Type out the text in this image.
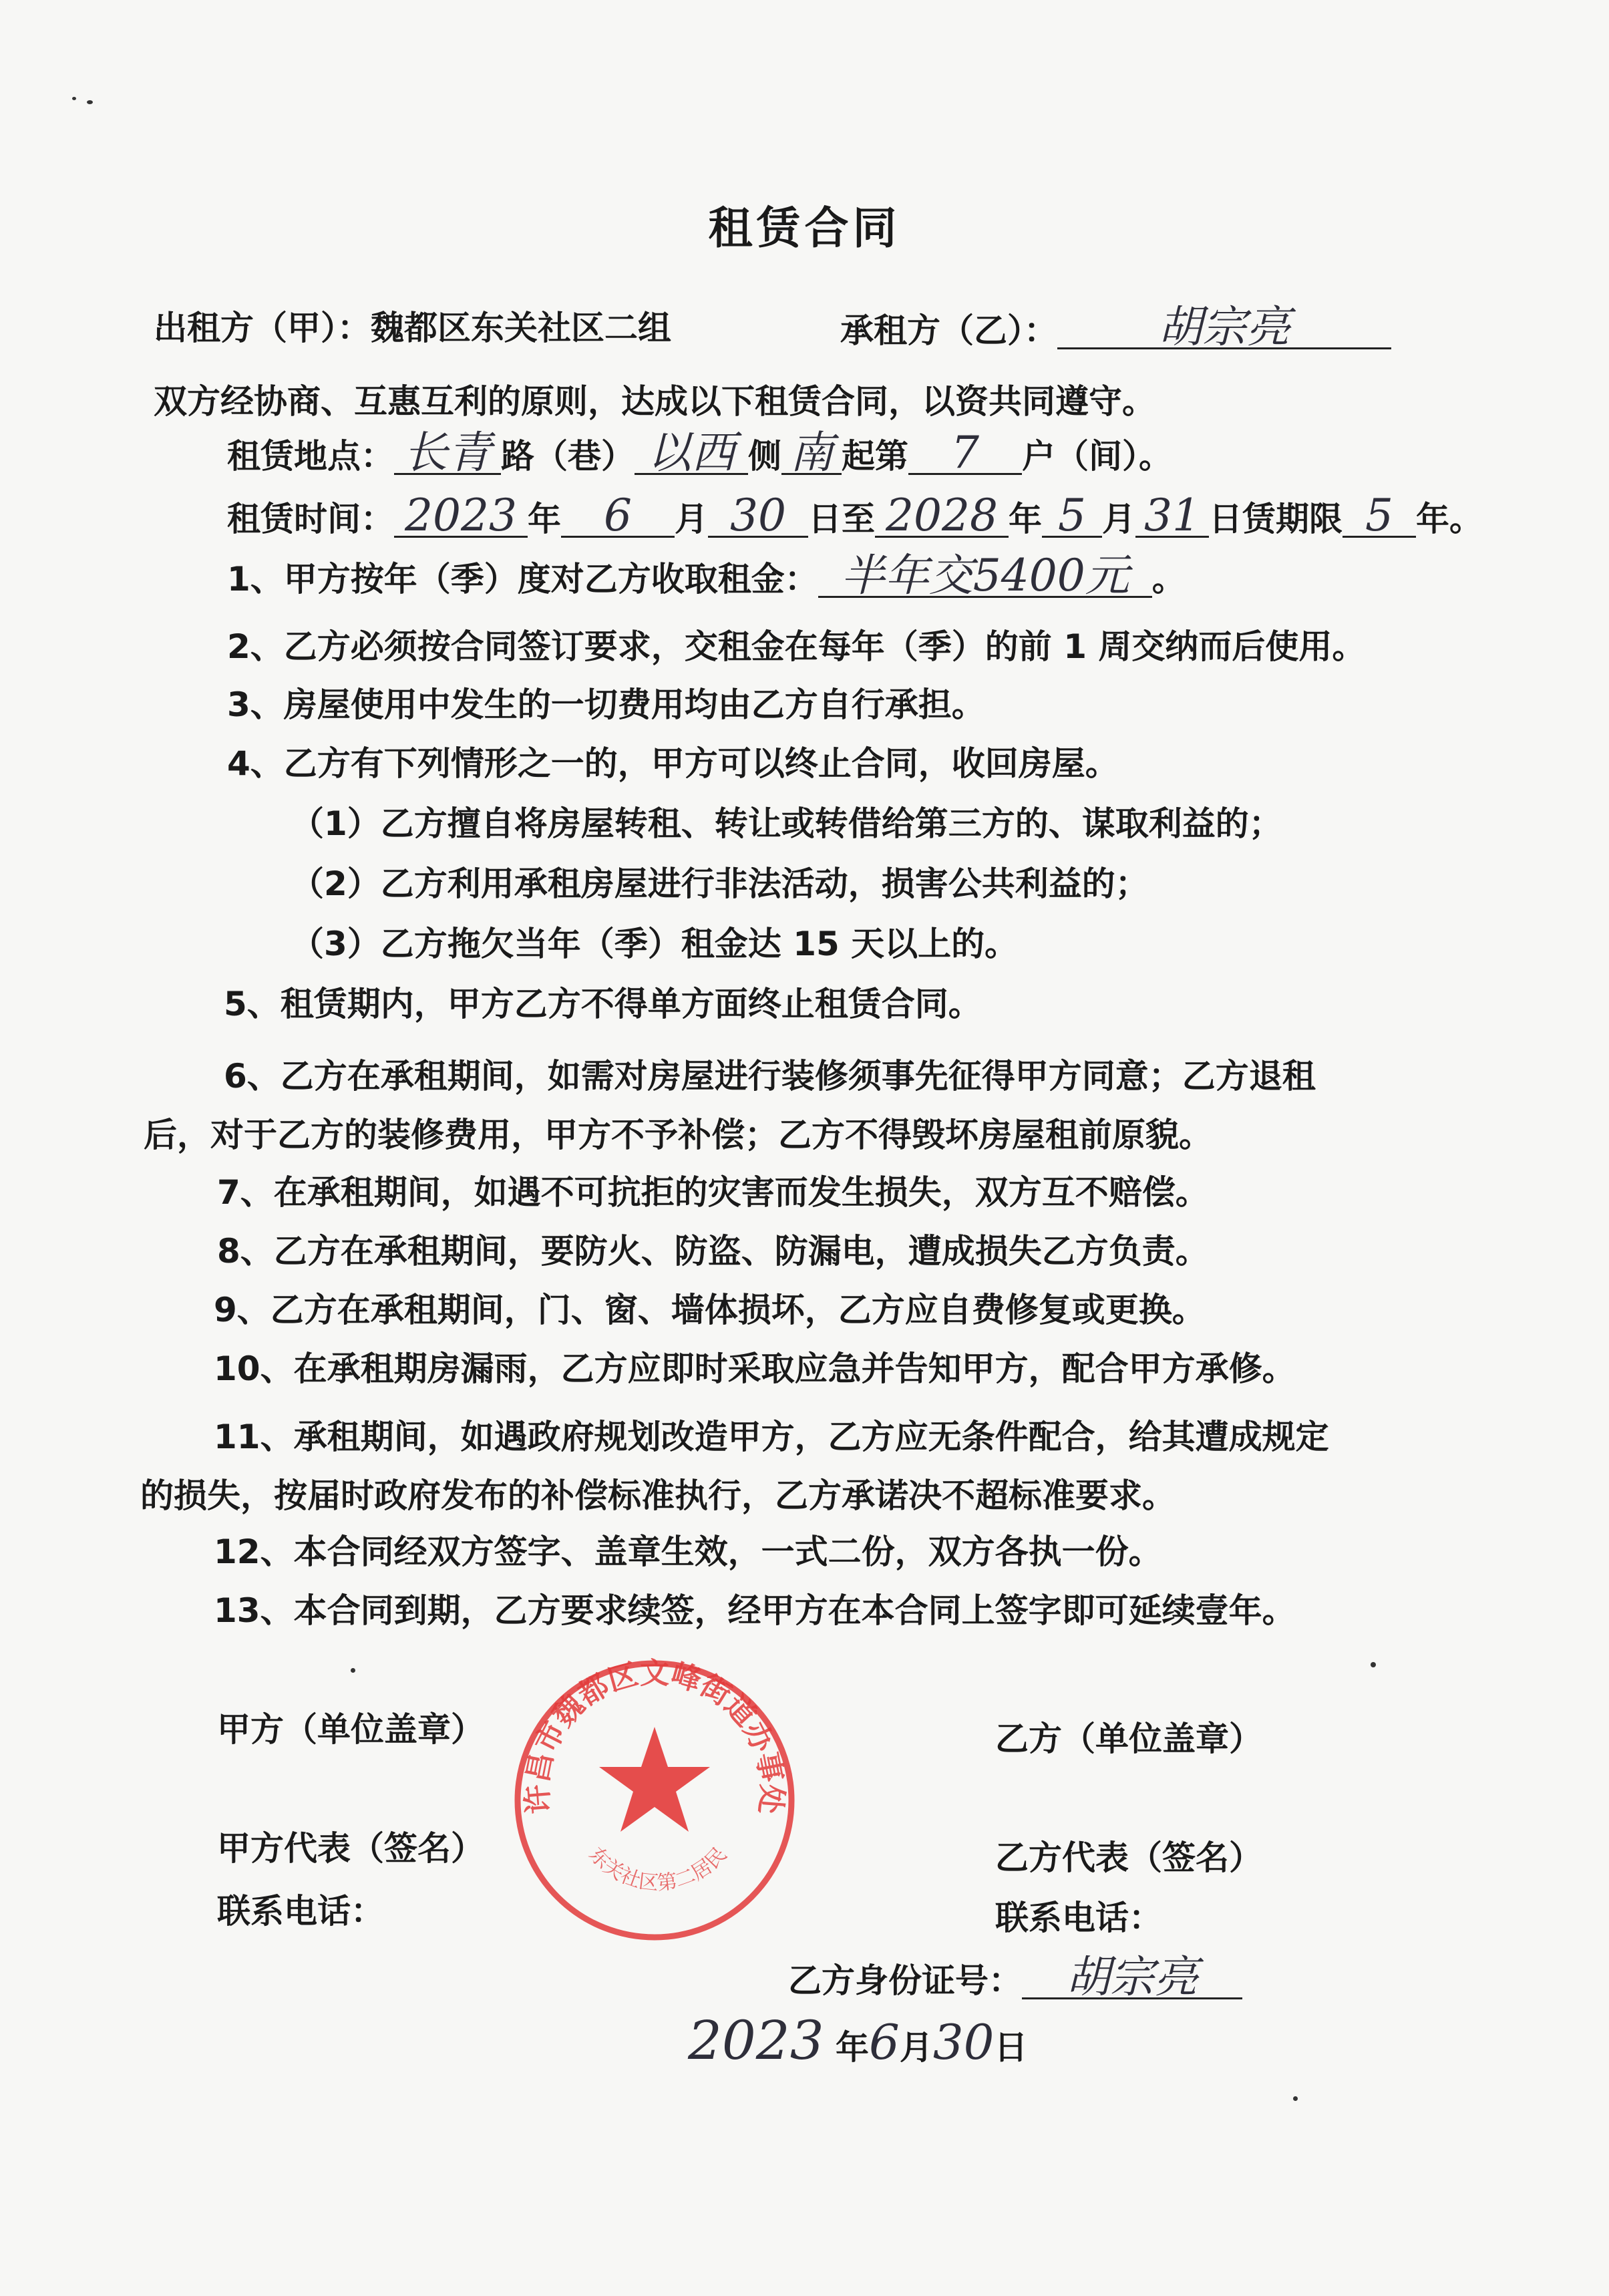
租赁合同
出租方（甲）：魏都区东关社区二组	承租方（乙）： 胡宗亮
双方经协商、互惠互利的原则，达成以下租赁合同，以资共同遵守。
租赁地点： 长青 路（巷） 以西 侧 南 起第 7 户（间）。
租赁时间： 2023 年 6 月 30 日至 2028 年 5 月 31 日赁期限 5 年。
1、甲方按年（季）度对乙方收取租金： 半年交5400元 。
2、乙方必须按合同签订要求，交租金在每年（季）的前 1 周交纳而后使用。
3、房屋使用中发生的一切费用均由乙方自行承担。
4、乙方有下列情形之一的，甲方可以终止合同，收回房屋。
（1）乙方擅自将房屋转租、转让或转借给第三方的、谋取利益的；
（2）乙方利用承租房屋进行非法活动，损害公共利益的；
（3）乙方拖欠当年（季）租金达 15 天以上的。
5、租赁期内，甲方乙方不得单方面终止租赁合同。
6、乙方在承租期间，如需对房屋进行装修须事先征得甲方同意；乙方退租
后，对于乙方的装修费用，甲方不予补偿；乙方不得毁坏房屋租前原貌。
7、在承租期间，如遇不可抗拒的灾害而发生损失，双方互不赔偿。
8、乙方在承租期间，要防火、防盗、防漏电，遭成损失乙方负责。
9、乙方在承租期间，门、窗、墙体损坏，乙方应自费修复或更换。
10、在承租期房漏雨，乙方应即时采取应急并告知甲方，配合甲方承修。
11、承租期间，如遇政府规划改造甲方，乙方应无条件配合，给其遭成规定
的损失，按届时政府发布的补偿标准执行，乙方承诺决不超标准要求。
12、本合同经双方签字、盖章生效，一式二份，双方各执一份。
13、本合同到期，乙方要求续签，经甲方在本合同上签字即可延续壹年。
甲方（单位盖章）	乙方（单位盖章）
甲方代表（签名）	乙方代表（签名）
联系电话：	联系电话：
乙方身份证号： 胡宗亮
2023 年6月30日
许昌市魏都区文峰街道办事处
东关社区第二居民
